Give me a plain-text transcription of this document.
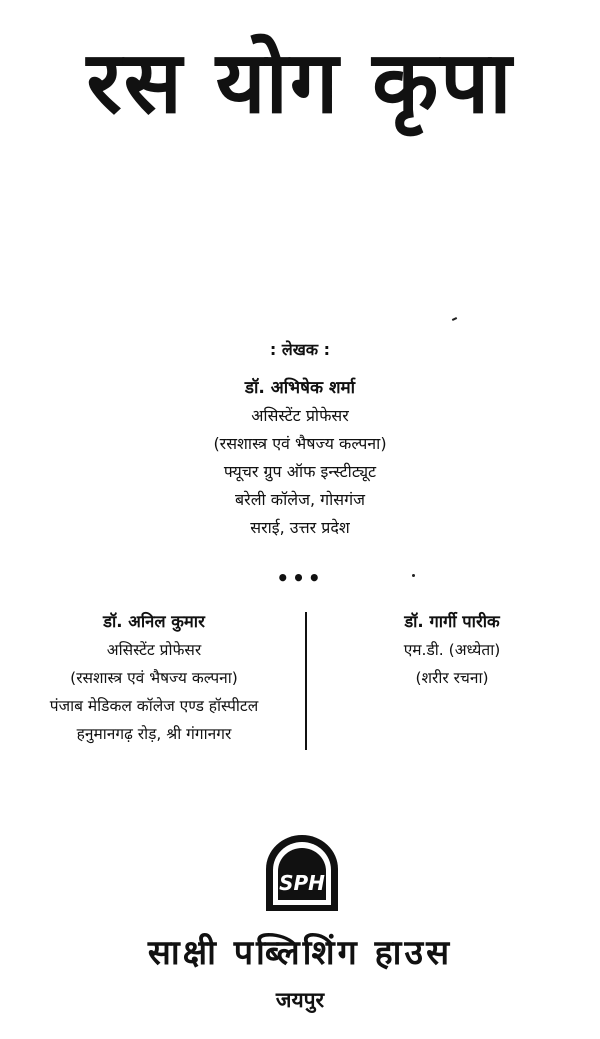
रस योग कृपा
: लेखक :
डॉ. अभिषेक शर्मा
असिस्टेंट प्रोफेसर
(रसशास्त्र एवं भैषज्य कल्पना)
फ्यूचर ग्रुप ऑफ इन्स्टीट्यूट
बरेली कॉलेज, गोसगंज
सराई, उत्तर प्रदेश
•••
डॉ. अनिल कुमार
असिस्टेंट प्रोफेसर
(रसशास्त्र एवं भैषज्य कल्पना)
पंजाब मेडिकल कॉलेज एण्ड हॉस्पीटल
हनुमानगढ़ रोड़, श्री गंगानगर
डॉ. गार्गी पारीक
एम.डी. (अध्येता)
(शरीर रचना)
SPH
साक्षी पब्लिशिंग हाउस
जयपुर
